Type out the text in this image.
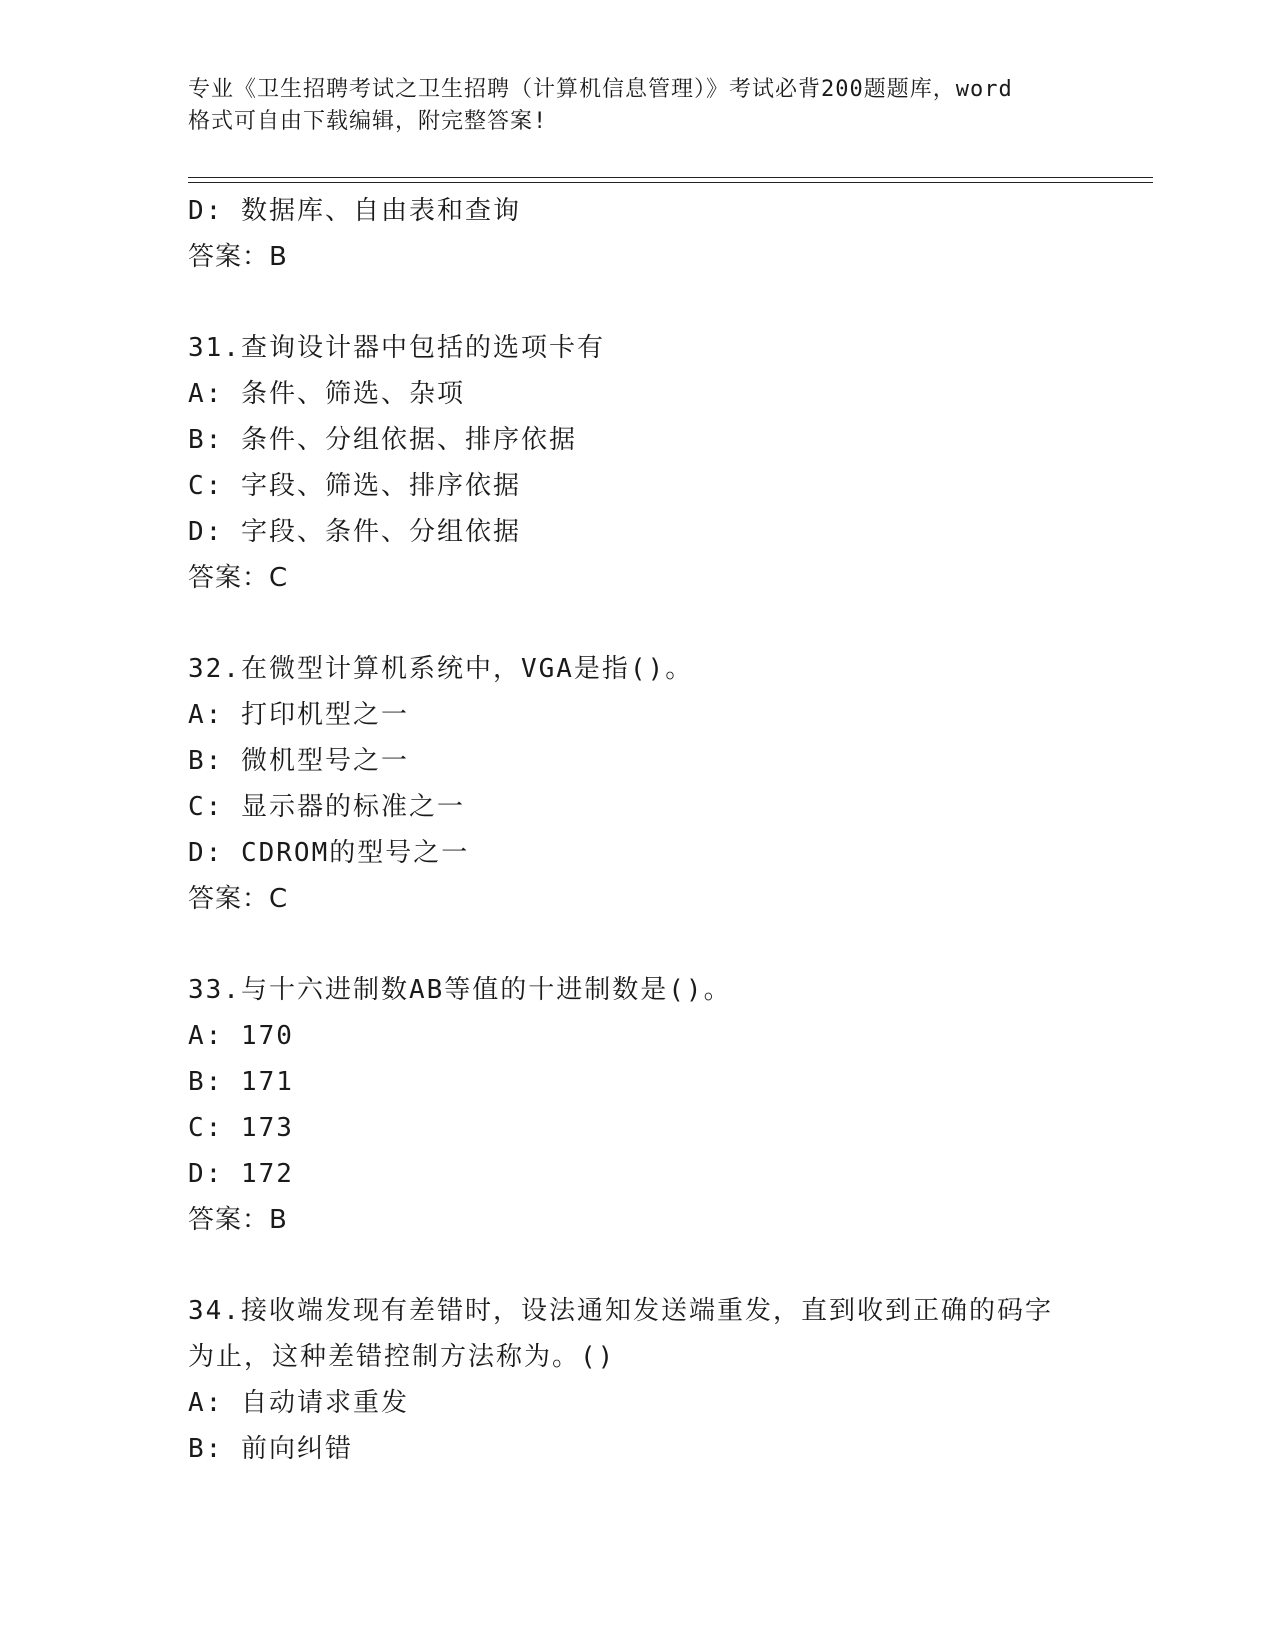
专业《卫生招聘考试之卫生招聘（计算机信息管理）》考试必背200题题库，word
格式可自由下载编辑，附完整答案!
D: 数据库、自由表和查询
答案：B
31.查询设计器中包括的选项卡有
A: 条件、筛选、杂项
B: 条件、分组依据、排序依据
C: 字段、筛选、排序依据
D: 字段、条件、分组依据
答案：C
32.在微型计算机系统中，VGA是指()。
A: 打印机型之一
B: 微机型号之一
C: 显示器的标准之一
D: CDROM的型号之一
答案：C
33.与十六进制数AB等值的十进制数是()。
A: 170
B: 171
C: 173
D: 172
答案：B
34.接收端发现有差错时，设法通知发送端重发，直到收到正确的码字
为止，这种差错控制方法称为。()
A: 自动请求重发
B: 前向纠错
